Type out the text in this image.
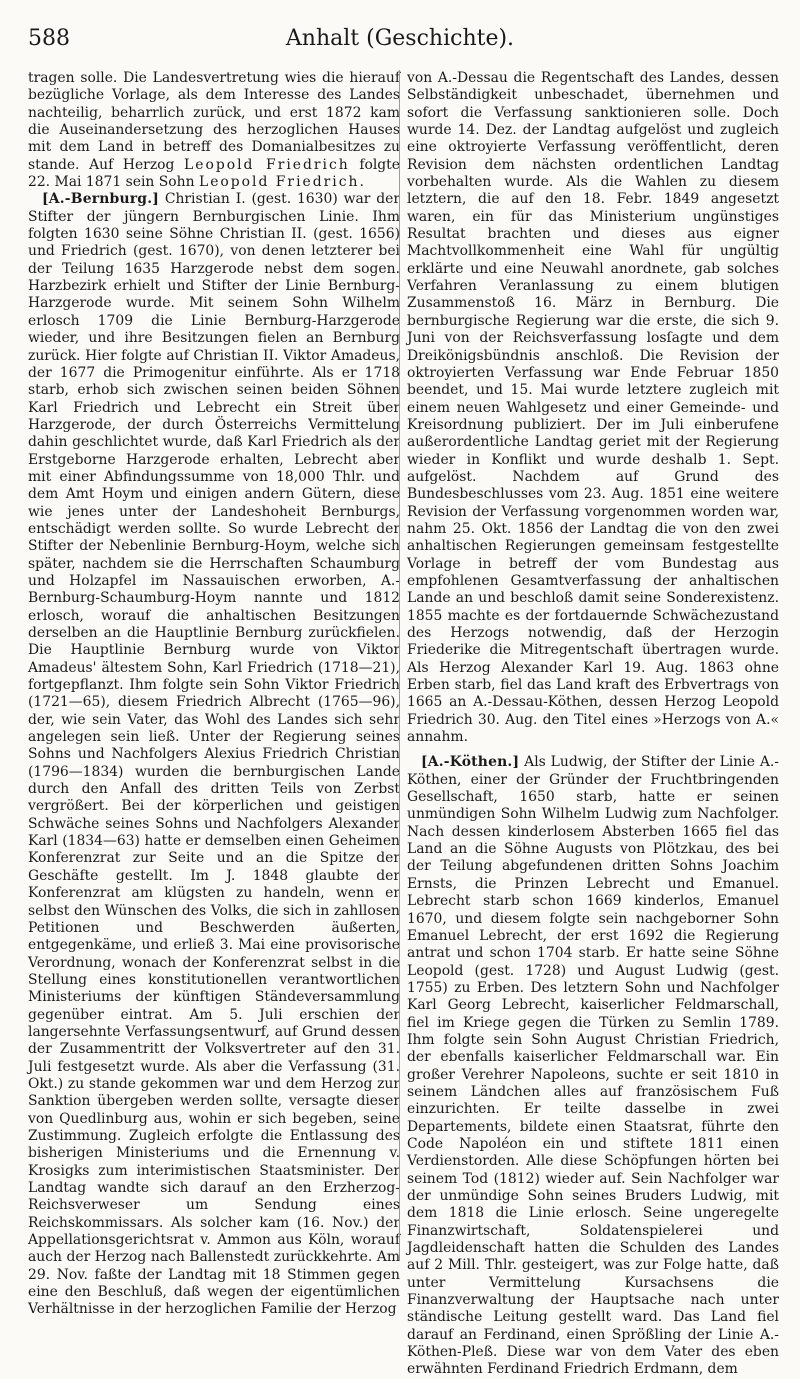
588	Anhalt (Geschichte).

tragen solle. Die Landesvertretung wies die hierauf bezügliche Vorlage, als dem Interesse des Landes nachteilig, beharrlich zurück, und erst 1872 kam die Auseinandersetzung des herzoglichen Hauses mit dem Land in betreff des Domanialbesitzes zu stande. Auf Herzog Leopold Friedrich folgte 22. Mai 1871 sein Sohn Leopold Friedrich.

[A.-Bernburg.] Christian I. (gest. 1630) war der Stifter der jüngern Bernburgischen Linie. Ihm folgten 1630 seine Söhne Christian II. (gest. 1656) und Friedrich (gest. 1670), von denen letzterer bei der Teilung 1635 Harzgerode nebst dem sogen. Harzbezirk erhielt und Stifter der Linie Bernburg-Harzgerode wurde. Mit seinem Sohn Wilhelm erlosch 1709 die Linie Bernburg-Harzgerode wieder, und ihre Besitzungen fielen an Bernburg zurück. Hier folgte auf Christian II. Viktor Amadeus, der 1677 die Primogenitur einführte. Als er 1718 starb, erhob sich zwischen seinen beiden Söhnen Karl Friedrich und Lebrecht ein Streit über Harzgerode, der durch Österreichs Vermittelung dahin geschlichtet wurde, daß Karl Friedrich als der Erstgeborne Harzgerode erhalten, Lebrecht aber mit einer Abfindungssumme von 18,000 Thlr. und dem Amt Hoym und einigen andern Gütern, diese wie jenes unter der Landeshoheit Bernburgs, entschädigt werden sollte. So wurde Lebrecht der Stifter der Nebenlinie Bernburg-Hoym, welche sich später, nachdem sie die Herrschaften Schaumburg und Holzapfel im Nassauischen erworben, A.-Bernburg-Schaumburg-Hoym nannte und 1812 erlosch, worauf die anhaltischen Besitzungen derselben an die Hauptlinie Bernburg zurückfielen. Die Hauptlinie Bernburg wurde von Viktor Amadeus' ältestem Sohn, Karl Friedrich (1718—21), fortgepflanzt. Ihm folgte sein Sohn Viktor Friedrich (1721—65), diesem Friedrich Albrecht (1765—96), der, wie sein Vater, das Wohl des Landes sich sehr angelegen sein ließ. Unter der Regierung seines Sohns und Nachfolgers Alexius Friedrich Christian (1796—1834) wurden die bernburgischen Lande durch den Anfall des dritten Teils von Zerbst vergrößert. Bei der körperlichen und geistigen Schwäche seines Sohns und Nachfolgers Alexander Karl (1834—63) hatte er demselben einen Geheimen Konferenzrat zur Seite und an die Spitze der Geschäfte gestellt. Im J. 1848 glaubte der Konferenzrat am klügsten zu handeln, wenn er selbst den Wünschen des Volks, die sich in zahllosen Petitionen und Beschwerden äußerten, entgegenkäme, und erließ 3. Mai eine provisorische Verordnung, wonach der Konferenzrat selbst in die Stellung eines konstitutionellen verantwortlichen Ministeriums der künftigen Ständeversammlung gegenüber eintrat. Am 5. Juli erschien der langersehnte Verfassungsentwurf, auf Grund dessen der Zusammentritt der Volksvertreter auf den 31. Juli festgesetzt wurde. Als aber die Verfassung (31. Okt.) zu stande gekommen war und dem Herzog zur Sanktion übergeben werden sollte, versagte dieser von Quedlinburg aus, wohin er sich begeben, seine Zustimmung. Zugleich erfolgte die Entlassung des bisherigen Ministeriums und die Ernennung v. Krosigks zum interimistischen Staatsminister. Der Landtag wandte sich darauf an den Erzherzog-Reichsverweser um Sendung eines Reichskommissars. Als solcher kam (16. Nov.) der Appellationsgerichtsrat v. Ammon aus Köln, worauf auch der Herzog nach Ballenstedt zurückkehrte. Am 29. Nov. faßte der Landtag mit 18 Stimmen gegen eine den Beschluß, daß wegen der eigentümlichen Verhältnisse in der herzoglichen Familie der Herzog

von A.-Dessau die Regentschaft des Landes, dessen Selbständigkeit unbeschadet, übernehmen und sofort die Verfassung sanktionieren solle. Doch wurde 14. Dez. der Landtag aufgelöst und zugleich eine oktroyierte Verfassung veröffentlicht, deren Revision dem nächsten ordentlichen Landtag vorbehalten wurde. Als die Wahlen zu diesem letztern, die auf den 18. Febr. 1849 angesetzt waren, ein für das Ministerium ungünstiges Resultat brachten und dieses aus eigner Machtvollkommenheit eine Wahl für ungültig erklärte und eine Neuwahl anordnete, gab solches Verfahren Veranlassung zu einem blutigen Zusammenstoß 16. März in Bernburg. Die bernburgische Regierung war die erste, die sich 9. Juni von der Reichsverfassung losſagte und dem Dreikönigsbündnis anschloß. Die Revision der oktroyierten Verfassung war Ende Februar 1850 beendet, und 15. Mai wurde letztere zugleich mit einem neuen Wahlgesetz und einer Gemeinde- und Kreisordnung publiziert. Der im Juli einberufene außerordentliche Landtag geriet mit der Regierung wieder in Konflikt und wurde deshalb 1. Sept. aufgelöst. Nachdem auf Grund des Bundesbeschlusses vom 23. Aug. 1851 eine weitere Revision der Verfassung vorgenommen worden war, nahm 25. Okt. 1856 der Landtag die von den zwei anhaltischen Regierungen gemeinsam festgestellte Vorlage in betreff der vom Bundestag aus empfohlenen Gesamtverfassung der anhaltischen Lande an und beschloß damit seine Sonderexistenz. 1855 machte es der fortdauernde Schwächezustand des Herzogs notwendig, daß der Herzogin Friederike die Mitregentschaft übertragen wurde. Als Herzog Alexander Karl 19. Aug. 1863 ohne Erben starb, fiel das Land kraft des Erbvertrags von 1665 an A.-Dessau-Köthen, dessen Herzog Leopold Friedrich 30. Aug. den Titel eines »Herzogs von A.« annahm.

[A.-Köthen.] Als Ludwig, der Stifter der Linie A.-Köthen, einer der Gründer der Fruchtbringenden Gesellschaft, 1650 starb, hatte er seinen unmündigen Sohn Wilhelm Ludwig zum Nachfolger. Nach dessen kinderlosem Absterben 1665 fiel das Land an die Söhne Augusts von Plötzkau, des bei der Teilung abgefundenen dritten Sohns Joachim Ernsts, die Prinzen Lebrecht und Emanuel. Lebrecht starb schon 1669 kinderlos, Emanuel 1670, und diesem folgte sein nachgeborner Sohn Emanuel Lebrecht, der erst 1692 die Regierung antrat und schon 1704 starb. Er hatte seine Söhne Leopold (gest. 1728) und August Ludwig (gest. 1755) zu Erben. Des letztern Sohn und Nachfolger Karl Georg Lebrecht, kaiserlicher Feldmarschall, fiel im Kriege gegen die Türken zu Semlin 1789. Ihm folgte sein Sohn August Christian Friedrich, der ebenfalls kaiserlicher Feldmarschall war. Ein großer Verehrer Napoleons, suchte er seit 1810 in seinem Ländchen alles auf französischem Fuß einzurichten. Er teilte dasselbe in zwei Departements, bildete einen Staatsrat, führte den Code Napoléon ein und stiftete 1811 einen Verdienstorden. Alle diese Schöpfungen hörten bei seinem Tod (1812) wieder auf. Sein Nachfolger war der unmündige Sohn seines Bruders Ludwig, mit dem 1818 die Linie erlosch. Seine ungeregelte Finanzwirtschaft, Soldatenspielerei und Jagdleidenschaft hatten die Schulden des Landes auf 2 Mill. Thlr. gesteigert, was zur Folge hatte, daß unter Vermittelung Kursachsens die Finanzverwaltung der Hauptsache nach unter ständische Leitung gestellt ward. Das Land fiel darauf an Ferdinand, einen Sprößling der Linie A.-Köthen-Pleß. Diese war von dem Vater des eben erwähnten Ferdinand Friedrich Erdmann, dem
